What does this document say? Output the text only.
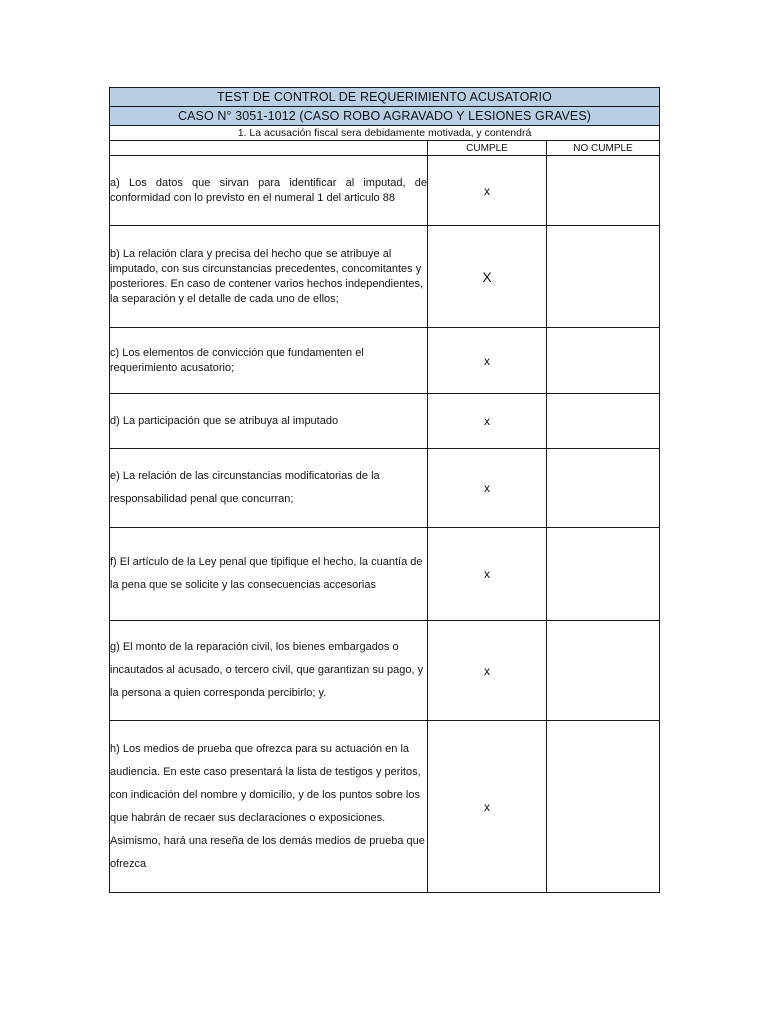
TEST DE CONTROL DE REQUERIMIENTO ACUSATORIO		
CASO N° 3051-1012 (CASO ROBO AGRAVADO Y LESIONES GRAVES)		
1. La acusación fiscal sera debidamente motivada, y contendrá		
	CUMPLE	NO CUMPLE
a) Los datos que sirvan para identificar al imputad, de conformidad con lo previsto en el numeral 1 del articulo 88	x	
b) La relación clara y precisa del hecho que se atribuye al imputado, con sus circunstancias precedentes, concomitantes y posteriores. En caso de contener varios hechos independientes, la separación y el detalle de cada uno de ellos;	X	
c) Los elementos de convicción que fundamenten el requerimiento acusatorio;	x	
d) La participación que se atribuya al imputado	x	
e) La relación de las circunstancias modificatorias de la responsabilidad penal que concurran;	x	
f) El artículo de la Ley penal que tipifique el hecho, la cuantía de la pena que se solicite y las consecuencias accesorias	x	
g) El monto de la reparación civil, los bienes embargados o incautados al acusado, o tercero civil, que garantizan su pago, y la persona a quien corresponda percibirlo; y.	x	
h) Los medios de prueba que ofrezca para su actuación en la audiencia. En este caso presentará la lista de testigos y peritos, con indicación del nombre y domicilio, y de los puntos sobre los que habrán de recaer sus declaraciones o exposiciones. Asimismo, hará una reseña de los demás medios de prueba que ofrezca	x	
